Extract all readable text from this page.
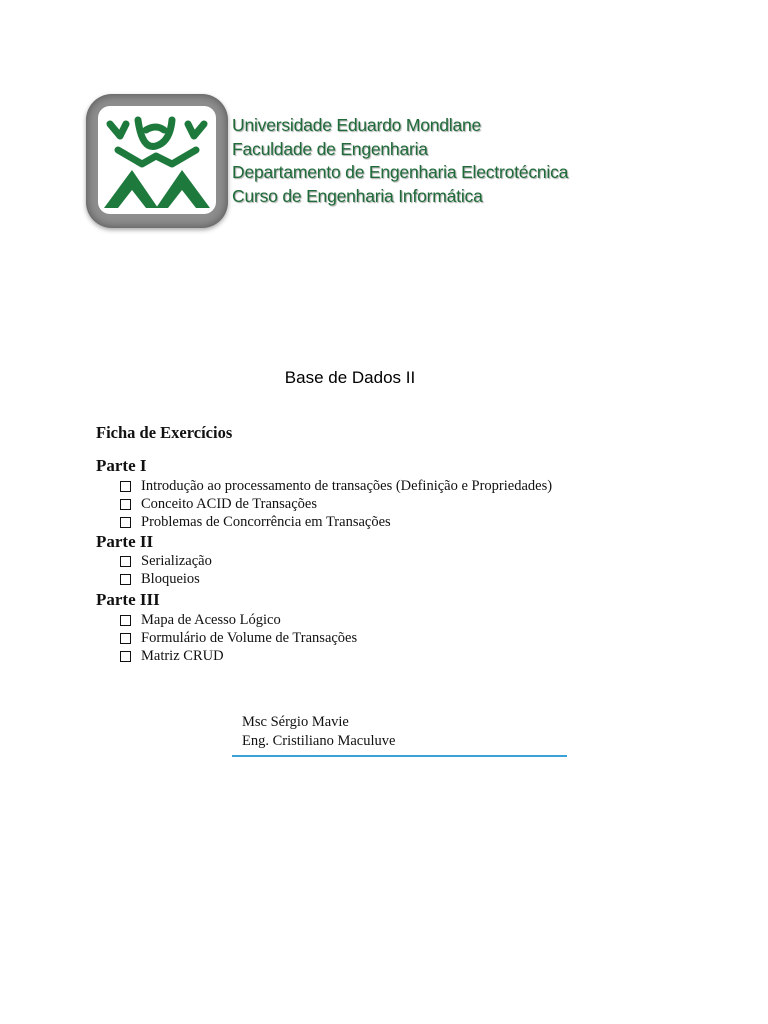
Universidade Eduardo Mondlane
Faculdade de Engenharia
Departamento de Engenharia Electrotécnica
Curso de Engenharia Informática
Base de Dados II
Ficha de Exercícios
Parte I
Introdução ao processamento de transações (Definição e Propriedades)
Conceito ACID de Transações
Problemas de Concorrência em Transações
Parte II
Serialização
Bloqueios
Parte III
Mapa de Acesso Lógico
Formulário de Volume de Transações
Matriz CRUD
Msc Sérgio Mavie
Eng. Cristiliano Maculuve
